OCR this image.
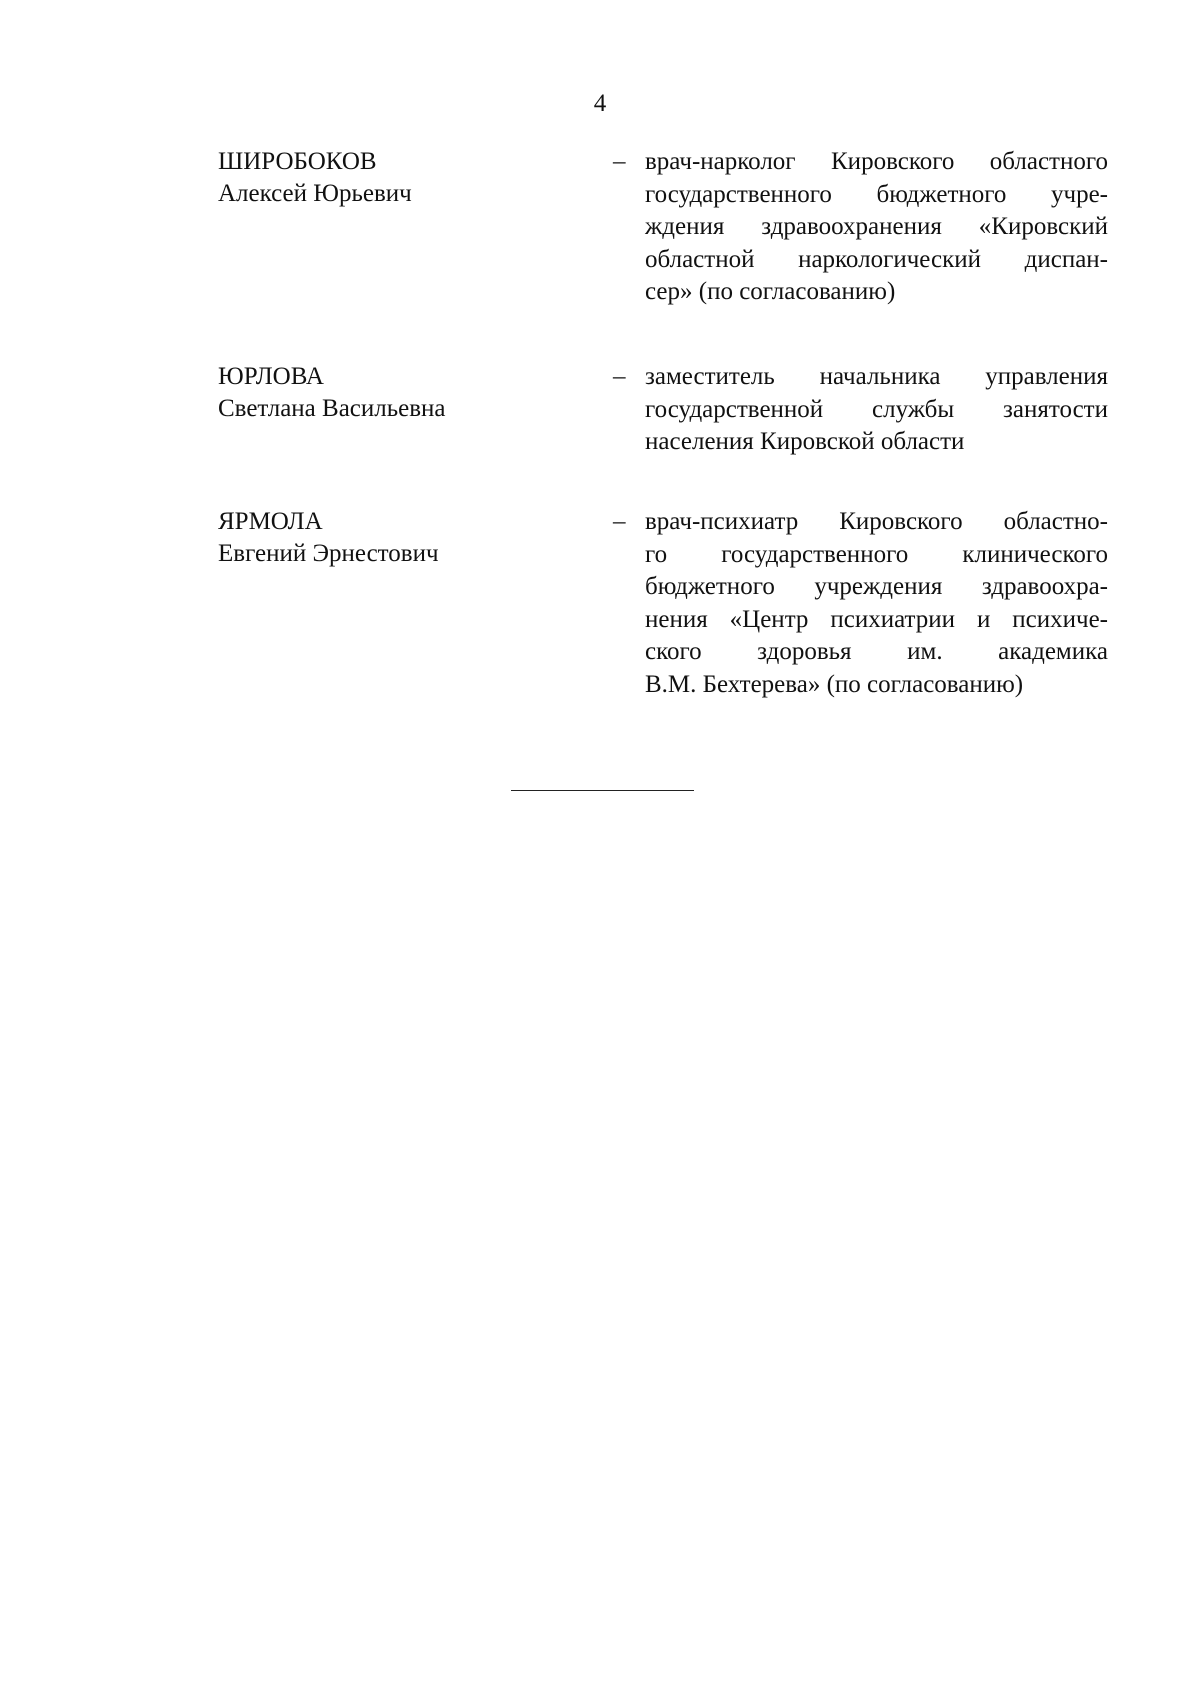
4
ШИРОБОКОВ
Алексей Юрьевич
– врач-нарколог Кировского областного
государственного бюджетного учре-
ждения здравоохранения «Кировский
областной наркологический диспан-
сер» (по согласованию)
ЮРЛОВА
Светлана Васильевна
– заместитель начальника управления
государственной службы занятости
населения Кировской области
ЯРМОЛА
Евгений Эрнестович
– врач-психиатр Кировского областно-
го государственного клинического
бюджетного учреждения здравоохра-
нения «Центр психиатрии и психиче-
ского здоровья им. академика
В.М. Бехтерева» (по согласованию)
